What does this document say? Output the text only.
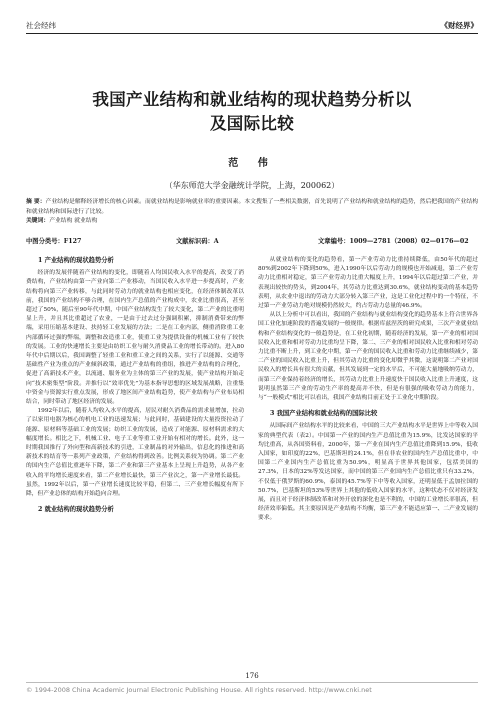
社会经纬	《财经界》
我国产业结构和就业结构的现状趋势分析以
及国际比较
范 伟
（华东师范大学金融统计学院，上海，200062）
摘 要：产业结构是解释经济增长的核心因素。而就业结构是影响就业率的重要因素。本文搜集了一些相关数据，首先说明了产业结构和就业结构的趋势，然后把我国的产业结构和就业结构和国际进行了比较。
关键词：产业结构 就业结构
中图分类号：F127	文献标识码：A	文章编号：1009—2781（2008）02—0176—02
1 产业结构的现状趋势分析

经济的发展伴随着产业结构的变化，即随着人均国民收入水平的提高，改变了消费结构，产业结构由第一产业向第二产业移动，当国民收入水平进一步提高时，产业结构将向第三产业转移，与此同时劳动力的就业结构也相应变化，在经济体制改革以前，我国的产业结构不够合理，在国内生产总值的产业构成中，农业比重很高，甚至超过了50%，随后至90年代中期，中国产业结构发生了较大变化，第二产业的比重明显上升，并且其比重超过了农业，一是由于过去过分强调积累，抑制消费带来的弊端，采用压缩基本建设、扶持轻工业发展的方法；二是在工业内部，侧重消除重工业内部循环过强的弊端，调整和改造重工业，使重工业为提供设备的机械工业有了较快的发展。工业的快速增长主要是由纺织工业与耐久消费品工业的增长带动的。进入80年代中后期以后，我国调整了轻重工业和重工业之间的关系，实行了以能源、交通等基础性产业为重点的产业倾斜政策，通过产业结构的重组，推进产业结构的合理化，促进了高新技术产业，以流通、服务业为主体的第三产业的发展，使产业结构开始走向“技术密集型”阶段。并推行以“效率优先”为基本指导思想的区域发展战略，注重集中资金与资源实行重点发展，形成了地区间产业结构趋势，使产业结构与产业布局相结合，同时带动了地区经济的发展。

1992年以后，随着人均收入水平的提高，居民对耐久消费品的需求量增加，拉动了以家用电器为核心的机电工业的迅速发展；与此同时，基础建设的大量投资拉动了能源、原材料等基础工业的发展；纺织工业的发展，造成了对能源、原材料需求的大幅度增长。相比之下，机械工业、电子工业等重工业开始有相对的增长。此外，这一时期我国推行了外向型和高新技术的引进，工业制品的对外输出，信息化的推进和高新技术的结育等一系列产业政策，产业结构得到改善。比例关系较为协调。第二产业的国内生产总值比重逐年下降，第二产业和第三产业基本上呈现上升趋势，从各产业收入的平均增长速度来看，第二产业增长最快，第三产业次之，第一产业增长最低。虽然，1992年以后，第一产业增长速度比较平稳，但第二、三产业增长幅度有所下降，但产业总体的结构开始趋向合理。

2 就业结构的现状趋势分析

从就业结构的变化的趋势看，第一产业劳动力比重持续降低，由50年代的超过80%到2002年下降到50%，进入1990年以后劳动力的规模也开始减退，第二产业劳动力比重相对稳定，第三产业劳动力比重大幅度上升，1994年以后超过第二产业，并表现出较快的势头，到2004年，其劳动力比重达到30.6%，就业结构变动的基本趋势表明，从农业中退出的劳动力大部分转入第三产业，这是工业化过程中的一个特征，不过第一产业劳动力绝对规模仍然较大，约占劳动力总量的46.9%。

从以上分析中可以看出，我国的产业结构与就业结构变化的趋势基本上符合世界各国工业化加速阶段的普遍发展的一般规律。根据库兹涅茨的研究成果，三次产业就业结构和产业结构变化的一般趋势是，在工业化初期，随着经济的发展，第一产业的相对国民收入比重和相对劳动力比重均呈下降，第二、三产业的相对国民收入比重和相对劳动力比重不断上升，到工业化中期，第一产业的国民收入比重和劳动力比重继续减少，第二产业的国民收入比重上升，但其劳动力比重的变化却微乎其微，这说明第二产业对国民收入的增长具有很大的贡献，但其发展到一定的水平后，不可能大量地吸纳劳动力，而第三产业保持着经济的增长，其劳动力比重上升速度快于国民收入比重上升速度，这说明虽然第三产业的劳动生产率的提高并不快，但是有很强的吸收劳动力的能力，与“一般模式”相比可以看出，我国产业结构目前正处于工业化中期阶段。

3 我国产业结构和就业结构的国际比较

从国际间产业结构水平的比较来看，中国的三大产业结构水平是世界上中等收入国家的典型代表（表2）。中国第一产业的国内生产总值比重为15.9%，比发达国家的平均比重高，从各国资料看，2000年，第一产业在国内生产总值比重降到15.9%，低收入国家，如印度的22%，巴基斯坦的24.1%，但在非农业的国内生产总值比重中，中国第二产业国内生产总值比重为50.9%，明显高于世界其他国家，包括美国的27.3%，日本的32%等发达国家，而中国的第三产业国内生产总值比重只有33.2%，不仅低于俄罗斯的60.9%，泰国的45.7%等下中等收入国家，还明显低于孟加拉国的50.7%，巴基斯坦的53%等世界上其他的低收入国家的水平，这种状态不仅对经济发展，而且对于经济体制改革和对外开放的深化也是不利的，中国的工业增长率很高，但经济效率偏低。其主要原因是产业结构不均衡，第三产业不能适应第一、二产业发展的要求。

176
© 1994-2008 China Academic Journal Electronic Publishing House. All rights reserved. http://www.cnki.net
